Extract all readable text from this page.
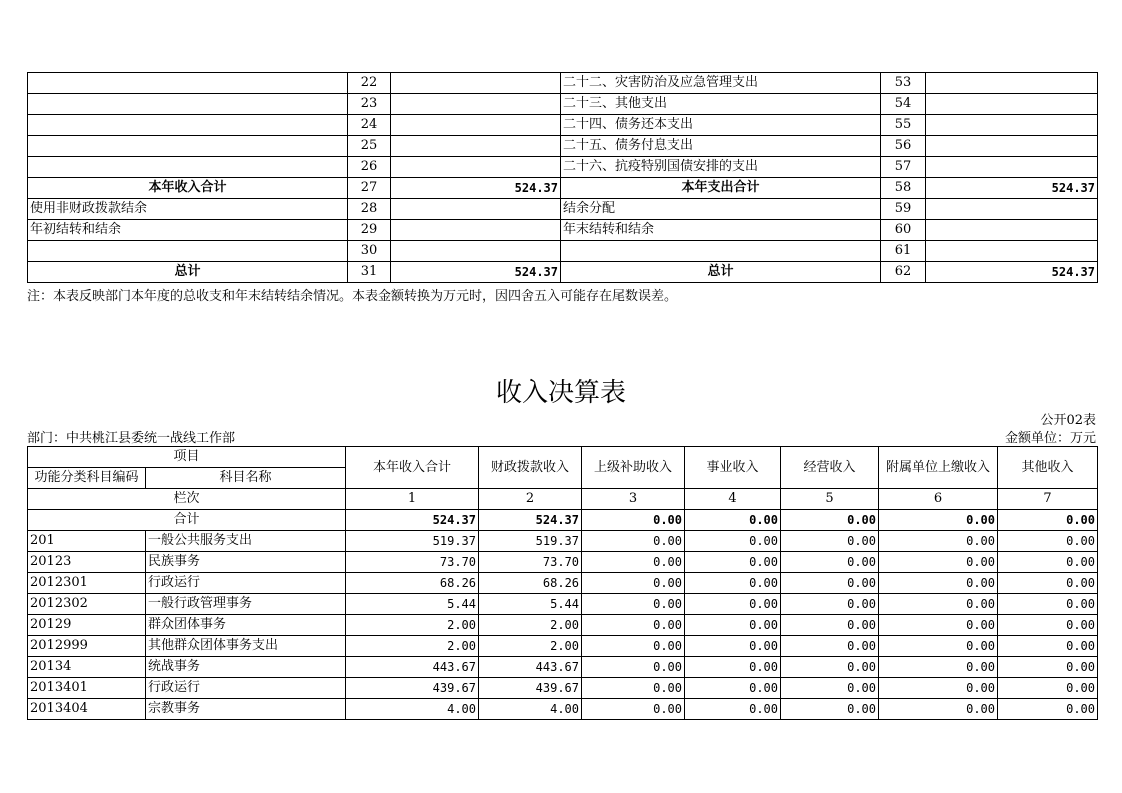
	22		二十二、灾害防治及应急管理支出	53	
	23		二十三、其他支出	54	
	24		二十四、债务还本支出	55	
	25		二十五、债务付息支出	56	
	26		二十六、抗疫特别国债安排的支出	57	
本年收入合计	27	524.37	本年支出合计	58	524.37
使用非财政拨款结余	28		结余分配	59	
年初结转和结余	29		年末结转和结余	60	
	30			61	
总计	31	524.37	总计	62	524.37
注：本表反映部门本年度的总收支和年末结转结余情况。本表金额转换为万元时，因四舍五入可能存在尾数误差。
收入决算表
公开02表
部门：中共桃江县委统一战线工作部	金额单位：万元
项目		本年收入合计	财政拨款收入	上级补助收入	事业收入	经营收入	附属单位上缴收入	其他收入
功能分类科目编码	科目名称							
栏次		1	2	3	4	5	6	7
合计		524.37	524.37	0.00	0.00	0.00	0.00	0.00
201	一般公共服务支出	519.37	519.37	0.00	0.00	0.00	0.00	0.00
20123	民族事务	73.70	73.70	0.00	0.00	0.00	0.00	0.00
2012301	行政运行	68.26	68.26	0.00	0.00	0.00	0.00	0.00
2012302	一般行政管理事务	5.44	5.44	0.00	0.00	0.00	0.00	0.00
20129	群众团体事务	2.00	2.00	0.00	0.00	0.00	0.00	0.00
2012999	其他群众团体事务支出	2.00	2.00	0.00	0.00	0.00	0.00	0.00
20134	统战事务	443.67	443.67	0.00	0.00	0.00	0.00	0.00
2013401	行政运行	439.67	439.67	0.00	0.00	0.00	0.00	0.00
2013404	宗教事务	4.00	4.00	0.00	0.00	0.00	0.00	0.00
